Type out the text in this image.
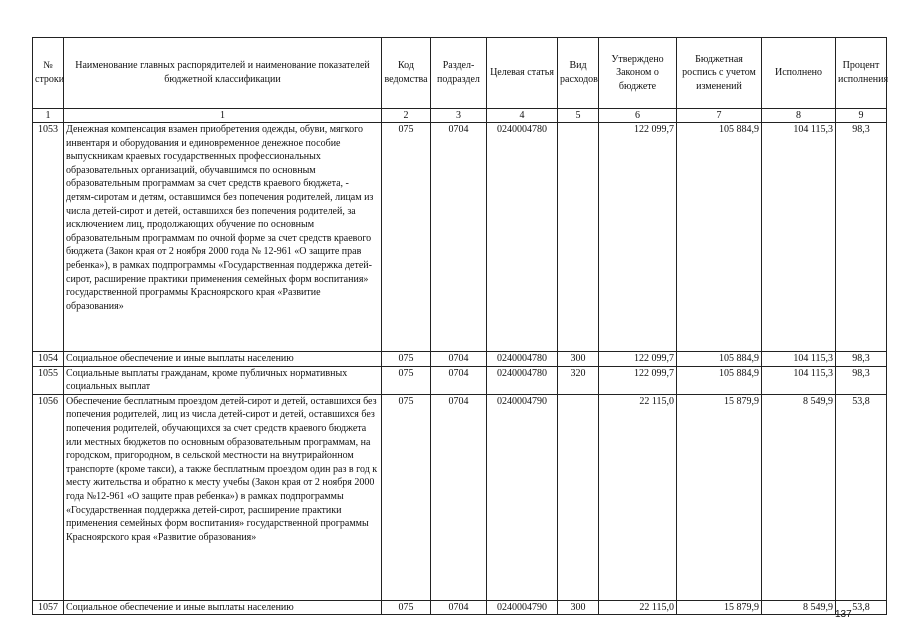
№ строки	Наименование главных распорядителей и наименование показателей бюджетной классификации	Код ведомства	Раздел-подраздел	Целевая статья	Вид расходов	Утверждено Законом о бюджете	Бюджетная роспись с учетом изменений	Исполнено	Процент исполнения
1	1	2	3	4	5	6	7	8	9
1053	Денежная компенсация взамен приобретения одежды, обуви, мягкого инвентаря и оборудования и единовременное денежное пособие выпускникам краевых государственных профессиональных образовательных организаций, обучавшимся по основным образовательным программам за счет средств краевого бюджета, - детям-сиротам и детям, оставшимся без попечения родителей, лицам из числа детей-сирот и детей, оставшихся без попечения родителей, за исключением лиц, продолжающих обучение по основным образовательным программам по очной форме за счет средств краевого бюджета (Закон края от 2 ноября 2000 года № 12-961 «О защите прав ребенка»), в рамках подпрограммы «Государственная поддержка детей-сирот, расширение практики применения семейных форм воспитания» государственной программы Красноярского края «Развитие образования»	075	0704	0240004780		122 099,7	105 884,9	104 115,3	98,3
1054	Социальное обеспечение и иные выплаты населению	075	0704	0240004780	300	122 099,7	105 884,9	104 115,3	98,3
1055	Социальные выплаты гражданам, кроме публичных нормативных социальных выплат	075	0704	0240004780	320	122 099,7	105 884,9	104 115,3	98,3
1056	Обеспечение бесплатным проездом детей-сирот и детей, оставшихся без попечения родителей, лиц из числа детей-сирот и детей, оставшихся без попечения родителей, обучающихся за счет средств краевого бюджета или местных бюджетов по основным образовательным программам, на городском, пригородном, в сельской местности на внутрирайонном транспорте (кроме такси), а также бесплатным проездом один раз в год к месту жительства и обратно к месту учебы (Закон края от 2 ноября 2000 года №12-961 «О защите прав ребенка») в рамках подпрограммы «Государственная поддержка детей-сирот, расширение практики применения семейных форм воспитания» государственной программы Красноярского края «Развитие образования»	075	0704	0240004790		22 115,0	15 879,9	8 549,9	53,8
1057	Социальное обеспечение и иные выплаты населению	075	0704	0240004790	300	22 115,0	15 879,9	8 549,9	53,8
137
